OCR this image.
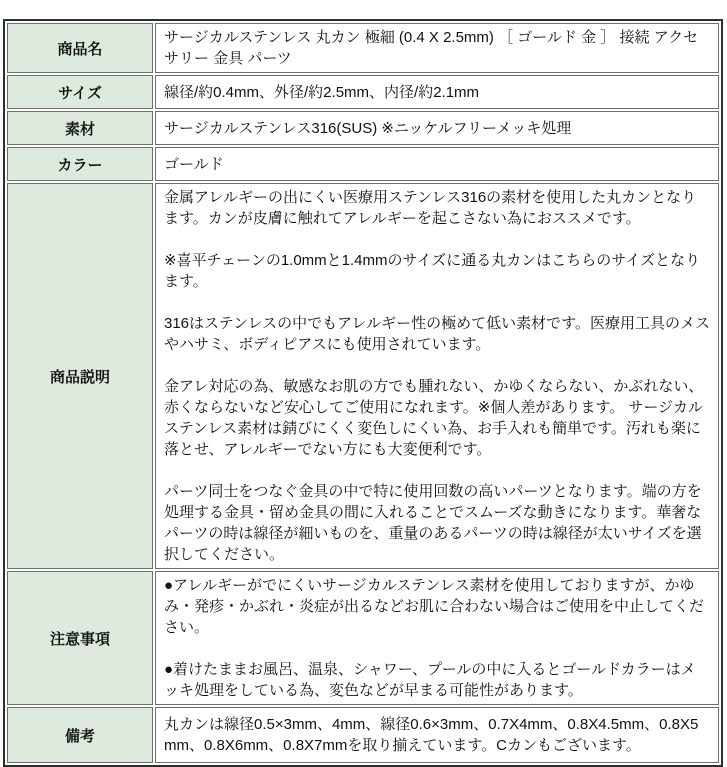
商品名	サージカルステンレス 丸カン 極細 (0.4 X 2.5mm) ［ ゴールド 金 ］ 接続 アクセサリー 金具 パーツ

サイズ	線径/約0.4mm、外径/約2.5mm、内径/約2.1mm

素材	サージカルステンレス316(SUS) ※ニッケルフリーメッキ処理

カラー	ゴールド

商品説明	金属アレルギーの出にくい医療用ステンレス316の素材を使用した丸カンとなります。カンが皮膚に触れてアレルギーを起こさない為におススメです。

※喜平チェーンの1.0mmと1.4mmのサイズに通る丸カンはこちらのサイズとなります。

316はステンレスの中でもアレルギー性の極めて低い素材です。医療用工具のメスやハサミ、ボディピアスにも使用されています。

金アレ対応の為、敏感なお肌の方でも腫れない、かゆくならない、かぶれない、赤くならないなど安心してご使用になれます。※個人差があります。 サージカルステンレス素材は錆びにくく変色しにくい為、お手入れも簡単です。汚れも楽に落とせ、アレルギーでない方にも大変便利です。

パーツ同士をつなぐ金具の中で特に使用回数の高いパーツとなります。端の方を処理する金具・留め金具の間に入れることでスムーズな動きになります。華奢なパーツの時は線径が細いものを、重量のあるパーツの時は線径が太いサイズを選択してください。

注意事項	●アレルギーがでにくいサージカルステンレス素材を使用しておりますが、かゆみ・発疹・かぶれ・炎症が出るなどお肌に合わない場合はご使用を中止してください。

●着けたままお風呂、温泉、シャワー、プールの中に入るとゴールドカラーはメッキ処理をしている為、変色などが早まる可能性があります。

備考	丸カンは線径0.5×3mm、4mm、線径0.6×3mm、0.7X4mm、0.8X4.5mm、0.8X5mm、0.8X6mm、0.8X7mmを取り揃えています。Cカンもございます。
